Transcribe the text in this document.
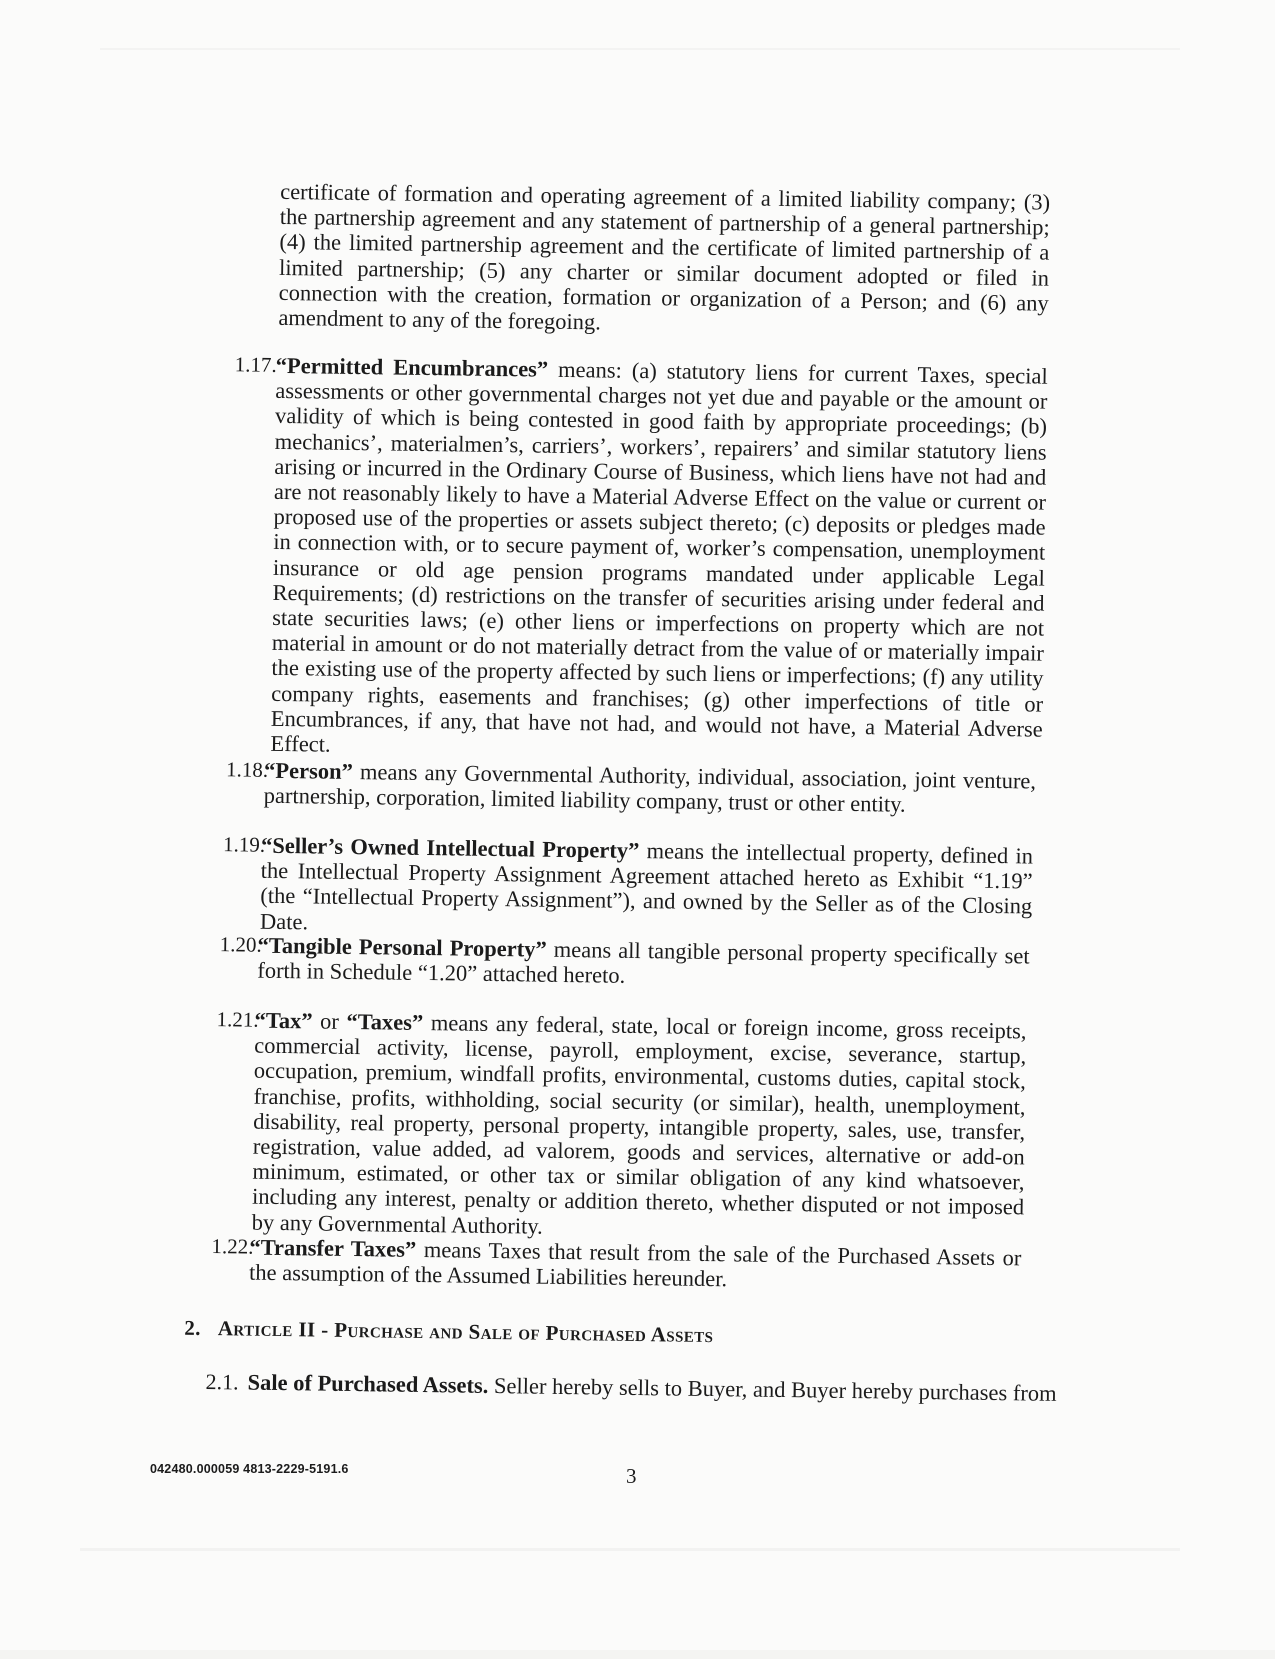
certificate of formation and operating agreement of a limited liability company; (3) the partnership agreement and any statement of partnership of a general partnership; (4) the limited partnership agreement and the certificate of limited partnership of a limited partnership; (5) any charter or similar document adopted or filed in connection with the creation, formation or organization of a Person; and (6) any amendment to any of the foregoing.
1.17.
“Permitted Encumbrances” means: (a) statutory liens for current Taxes, special assessments or other governmental charges not yet due and payable or the amount or validity of which is being contested in good faith by appropriate proceedings; (b) mechanics’, materialmen’s, carriers’, workers’, repairers’ and similar statutory liens arising or incurred in the Ordinary Course of Business, which liens have not had and are not reasonably likely to have a Material Adverse Effect on the value or current or proposed use of the properties or assets subject thereto; (c) deposits or pledges made in connection with, or to secure payment of, worker’s compensation, unemployment insurance or old age pension programs mandated under applicable Legal Requirements; (d) restrictions on the transfer of securities arising under federal and state securities laws; (e) other liens or imperfections on property which are not material in amount or do not materially detract from the value of or materially impair the existing use of the property affected by such liens or imperfections; (f) any utility company rights, easements and franchises; (g) other imperfections of title or Encumbrances, if any, that have not had, and would not have, a Material Adverse Effect.
1.18.
“Person” means any Governmental Authority, individual, association, joint venture, partnership, corporation, limited liability company, trust or other entity.
1.19.
“Seller’s Owned Intellectual Property” means the intellectual property, defined in the Intellectual Property Assignment Agreement attached hereto as Exhibit “1.19” (the “Intellectual Property Assignment”), and owned by the Seller as of the Closing Date.
1.20.
“Tangible Personal Property” means all tangible personal property specifically set forth in Schedule “1.20” attached hereto.
1.21.
“Tax” or “Taxes” means any federal, state, local or foreign income, gross receipts, commercial activity, license, payroll, employment, excise, severance, startup, occupation, premium, windfall profits, environmental, customs duties, capital stock, franchise, profits, withholding, social security (or similar), health, unemployment, disability, real property, personal property, intangible property, sales, use, transfer, registration, value added, ad valorem, goods and services, alternative or add-on minimum, estimated, or other tax or similar obligation of any kind whatsoever, including any interest, penalty or addition thereto, whether disputed or not imposed by any Governmental Authority.
1.22.
“Transfer Taxes” means Taxes that result from the sale of the Purchased Assets or the assumption of the Assumed Liabilities hereunder.
2. Article II - Purchase and Sale of Purchased Assets
2.1. Sale of Purchased Assets. Seller hereby sells to Buyer, and Buyer hereby purchases from
042480.000059 4813-2229-5191.6	3
